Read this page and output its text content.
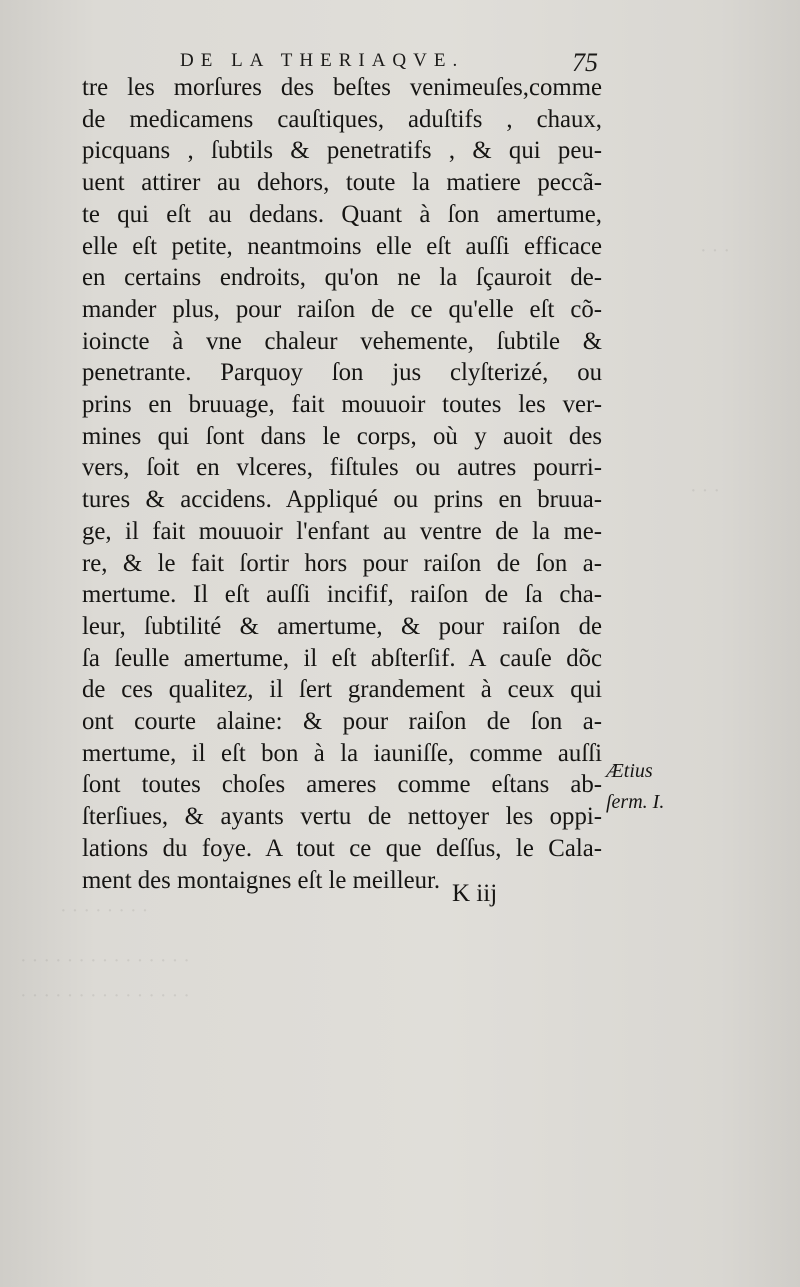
· · ·
· · ·
· · · · · · · ·
· · · · · · · · · · · · · · ·
· · · · · · · · · · · · · · ·
DE LA THERIAQVE.	75
tre les morſures des beſtes venimeuſes,comme
de medicamens cauſtiques, aduſtifs , chaux,
picquans , ſubtils & penetratifs , & qui peu-
uent attirer au dehors, toute la matiere peccã-
te qui eſt au dedans. Quant à ſon amertume,
elle eſt petite, neantmoins elle eſt auſſi efficace
en certains endroits, qu'on ne la ſçauroit de-
mander plus, pour raiſon de ce qu'elle eſt cõ-
ioincte à vne chaleur vehemente, ſubtile &
penetrante. Parquoy ſon jus clyſterizé, ou
prins en bruuage, fait mouuoir toutes les ver-
mines qui ſont dans le corps, où y auoit des
vers, ſoit en vlceres, fiſtules ou autres pourri-
tures & accidens. Appliqué ou prins en bruua-
ge, il fait mouuoir l'enfant au ventre de la me-
re, & le fait ſortir hors pour raiſon de ſon a-
mertume. Il eſt auſſi incifif, raiſon de ſa cha-
leur, ſubtilité & amertume, & pour raiſon de
ſa ſeulle amertume, il eſt abſterſif. A cauſe dõc
de ces qualitez, il ſert grandement à ceux qui
ont courte alaine: & pour raiſon de ſon a-
mertume, il eſt bon à la iauniſſe, comme auſſi
ſont toutes choſes ameres comme eſtans ab-
ſterſiues, & ayants vertu de nettoyer les oppi-
lations du foye. A tout ce que deſſus, le Cala-
ment des montaignes eſt le meilleur.
Ætius
ſerm. I.
K iij
